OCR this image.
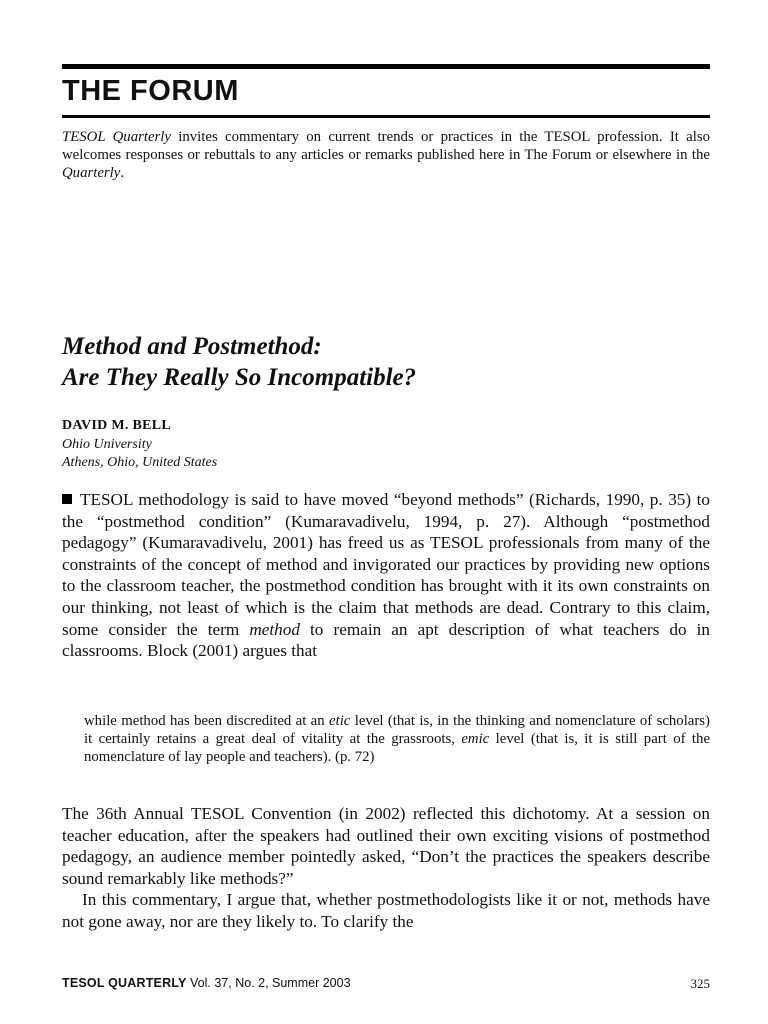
THE FORUM

TESOL Quarterly invites commentary on current trends or practices in the TESOL profession. It also welcomes responses or rebuttals to any articles or remarks published here in The Forum or elsewhere in the Quarterly.

Method and Postmethod:
Are They Really So Incompatible?

DAVID M. BELL

Ohio University
Athens, Ohio, United States

TESOL methodology is said to have moved “beyond methods” (Richards, 1990, p. 35) to the “postmethod condition” (Kumaravadivelu, 1994, p. 27). Although “postmethod pedagogy” (Kumaravadivelu, 2001) has freed us as TESOL professionals from many of the constraints of the concept of method and invigorated our practices by providing new options to the classroom teacher, the postmethod condition has brought with it its own constraints on our thinking, not least of which is the claim that methods are dead. Contrary to this claim, some consider the term method to remain an apt description of what teachers do in classrooms. Block (2001) argues that

while method has been discredited at an etic level (that is, in the thinking and nomenclature of scholars) it certainly retains a great deal of vitality at the grassroots, emic level (that is, it is still part of the nomenclature of lay people and teachers). (p. 72)

The 36th Annual TESOL Convention (in 2002) reflected this dichotomy. At a session on teacher education, after the speakers had outlined their own exciting visions of postmethod pedagogy, an audience member pointedly asked, “Don’t the practices the speakers describe sound remarkably like methods?”

In this commentary, I argue that, whether postmethodologists like it or not, methods have not gone away, nor are they likely to. To clarify the

TESOL QUARTERLY Vol. 37, No. 2, Summer 2003	325
